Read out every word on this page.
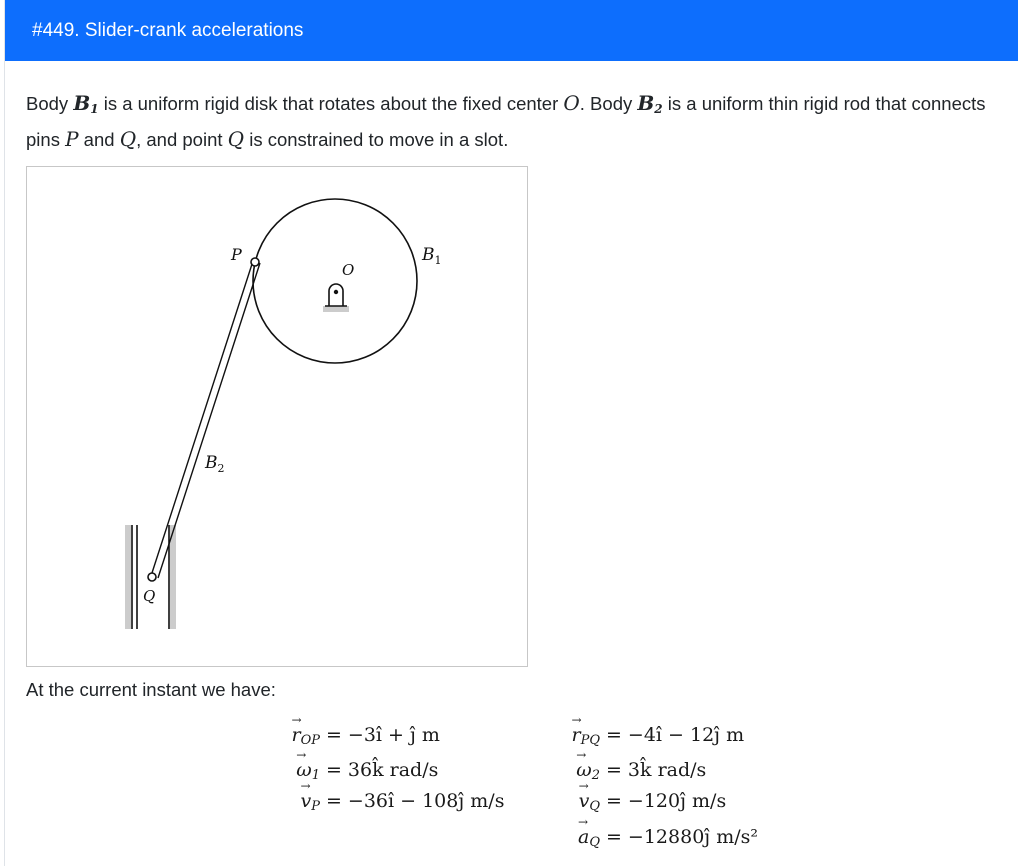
#449. Slider-crank accelerations
Body $B_1$ is a uniform rigid disk that rotates about the fixed center O. Body $B_2$ is a uniform thin rigid rod that connects pins P and Q, and point Q is constrained to move in a slot.
P
O
Q
$B_1$
$B_2$
At the current instant we have:
→ $r_{OP}$ = −3î + ĵ m
→ $\omega_1$ = 36k̂ rad/s
→ $v_P$ = −36î − 108ĵ m/s
→ $r_{PQ}$ = −4î − 12ĵ m
→ $\omega_2$ = 3k̂ rad/s
→ $v_Q$ = −120ĵ m/s
→ $a_Q$ = −12880ĵ m/s²
